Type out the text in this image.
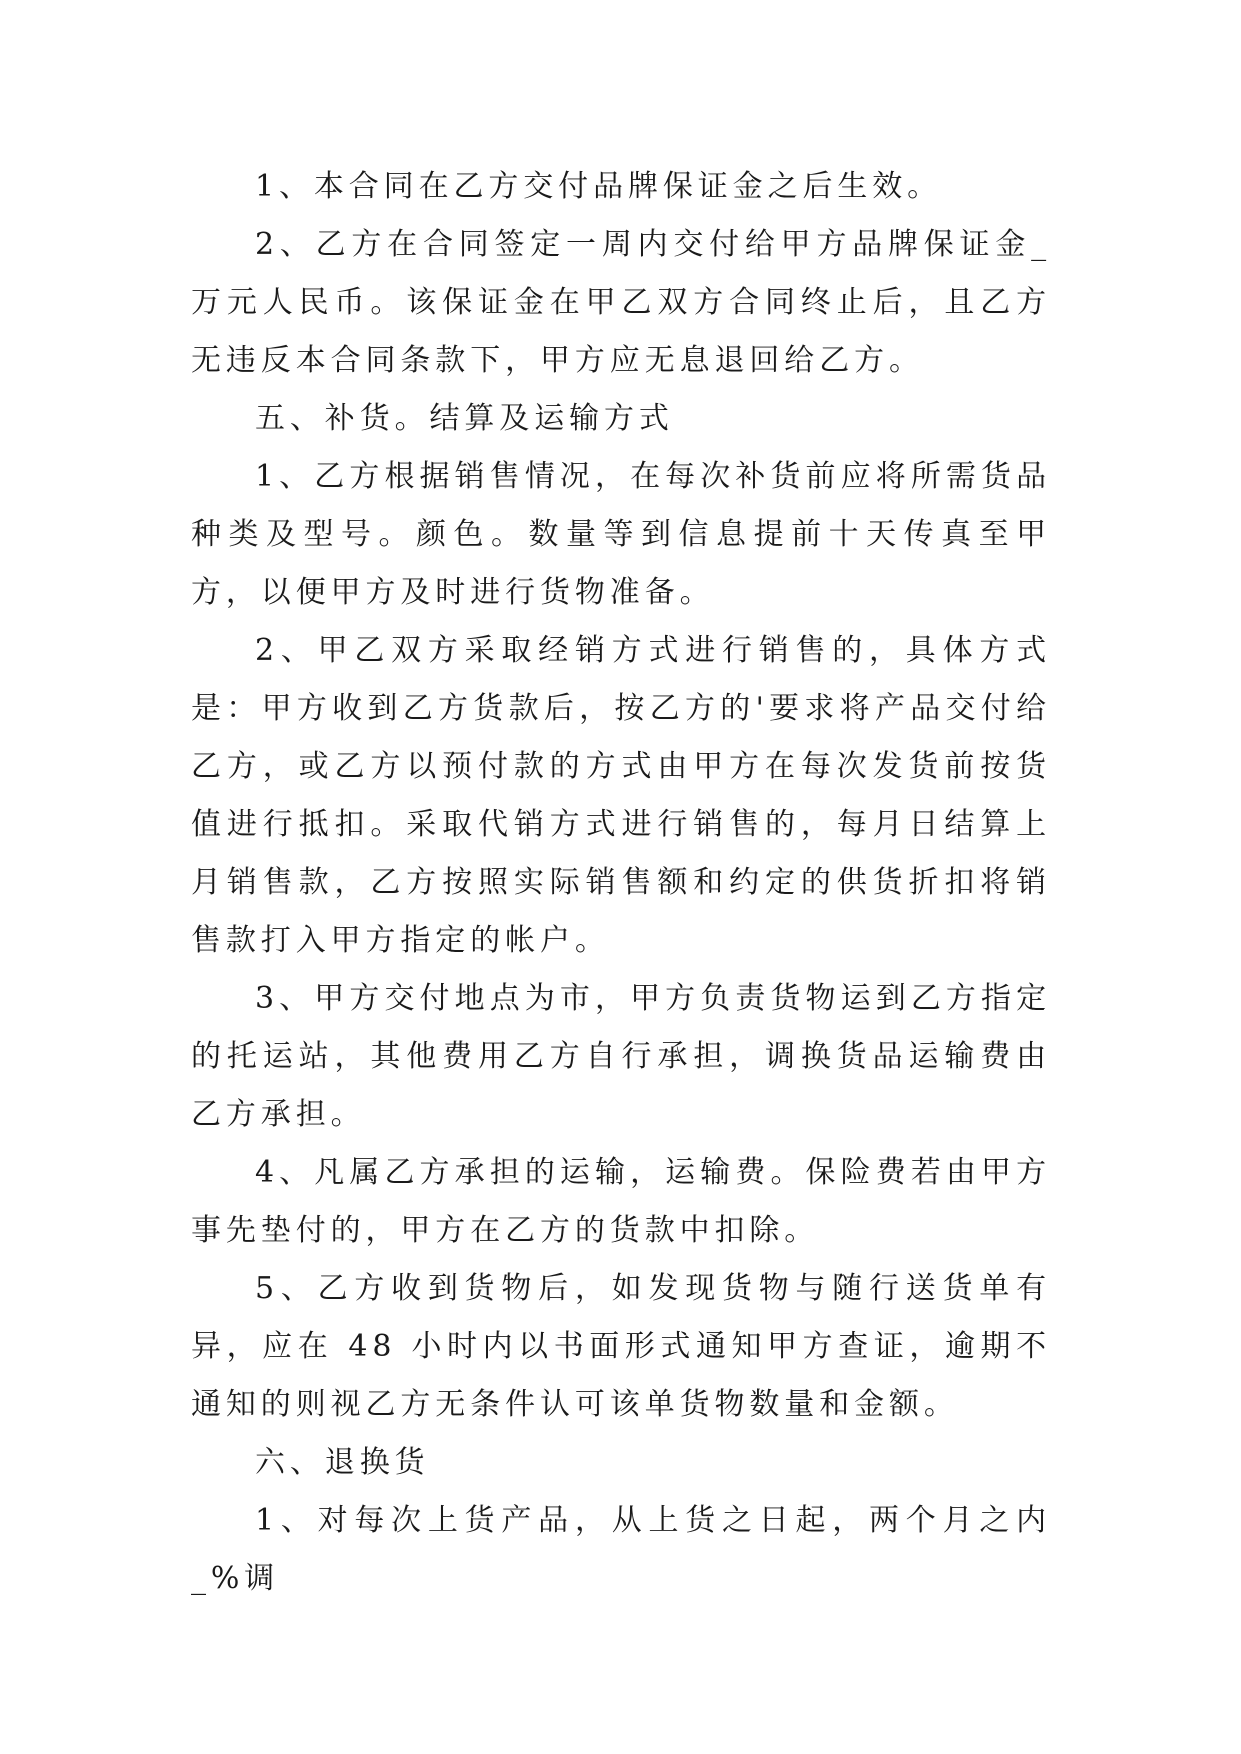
1、本合同在乙方交付品牌保证金之后生效。

2、乙方在合同签定一周内交付给甲方品牌保证金_万元人民币。该保证金在甲乙双方合同终止后，且乙方无违反本合同条款下，甲方应无息退回给乙方。

五、补货。结算及运输方式

1、乙方根据销售情况，在每次补货前应将所需货品种类及型号。颜色。数量等到信息提前十天传真至甲方，以便甲方及时进行货物准备。

2、甲乙双方采取经销方式进行销售的，具体方式是：甲方收到乙方货款后，按乙方的'要求将产品交付给乙方，或乙方以预付款的方式由甲方在每次发货前按货值进行抵扣。采取代销方式进行销售的，每月日结算上月销售款，乙方按照实际销售额和约定的供货折扣将销售款打入甲方指定的帐户。

3、甲方交付地点为市，甲方负责货物运到乙方指定的托运站，其他费用乙方自行承担，调换货品运输费由乙方承担。

4、凡属乙方承担的运输，运输费。保险费若由甲方事先垫付的，甲方在乙方的货款中扣除。

5、乙方收到货物后，如发现货物与随行送货单有异，应在 48 小时内以书面形式通知甲方查证，逾期不通知的则视乙方无条件认可该单货物数量和金额。

六、退换货

1、对每次上货产品，从上货之日起，两个月之内_%调
